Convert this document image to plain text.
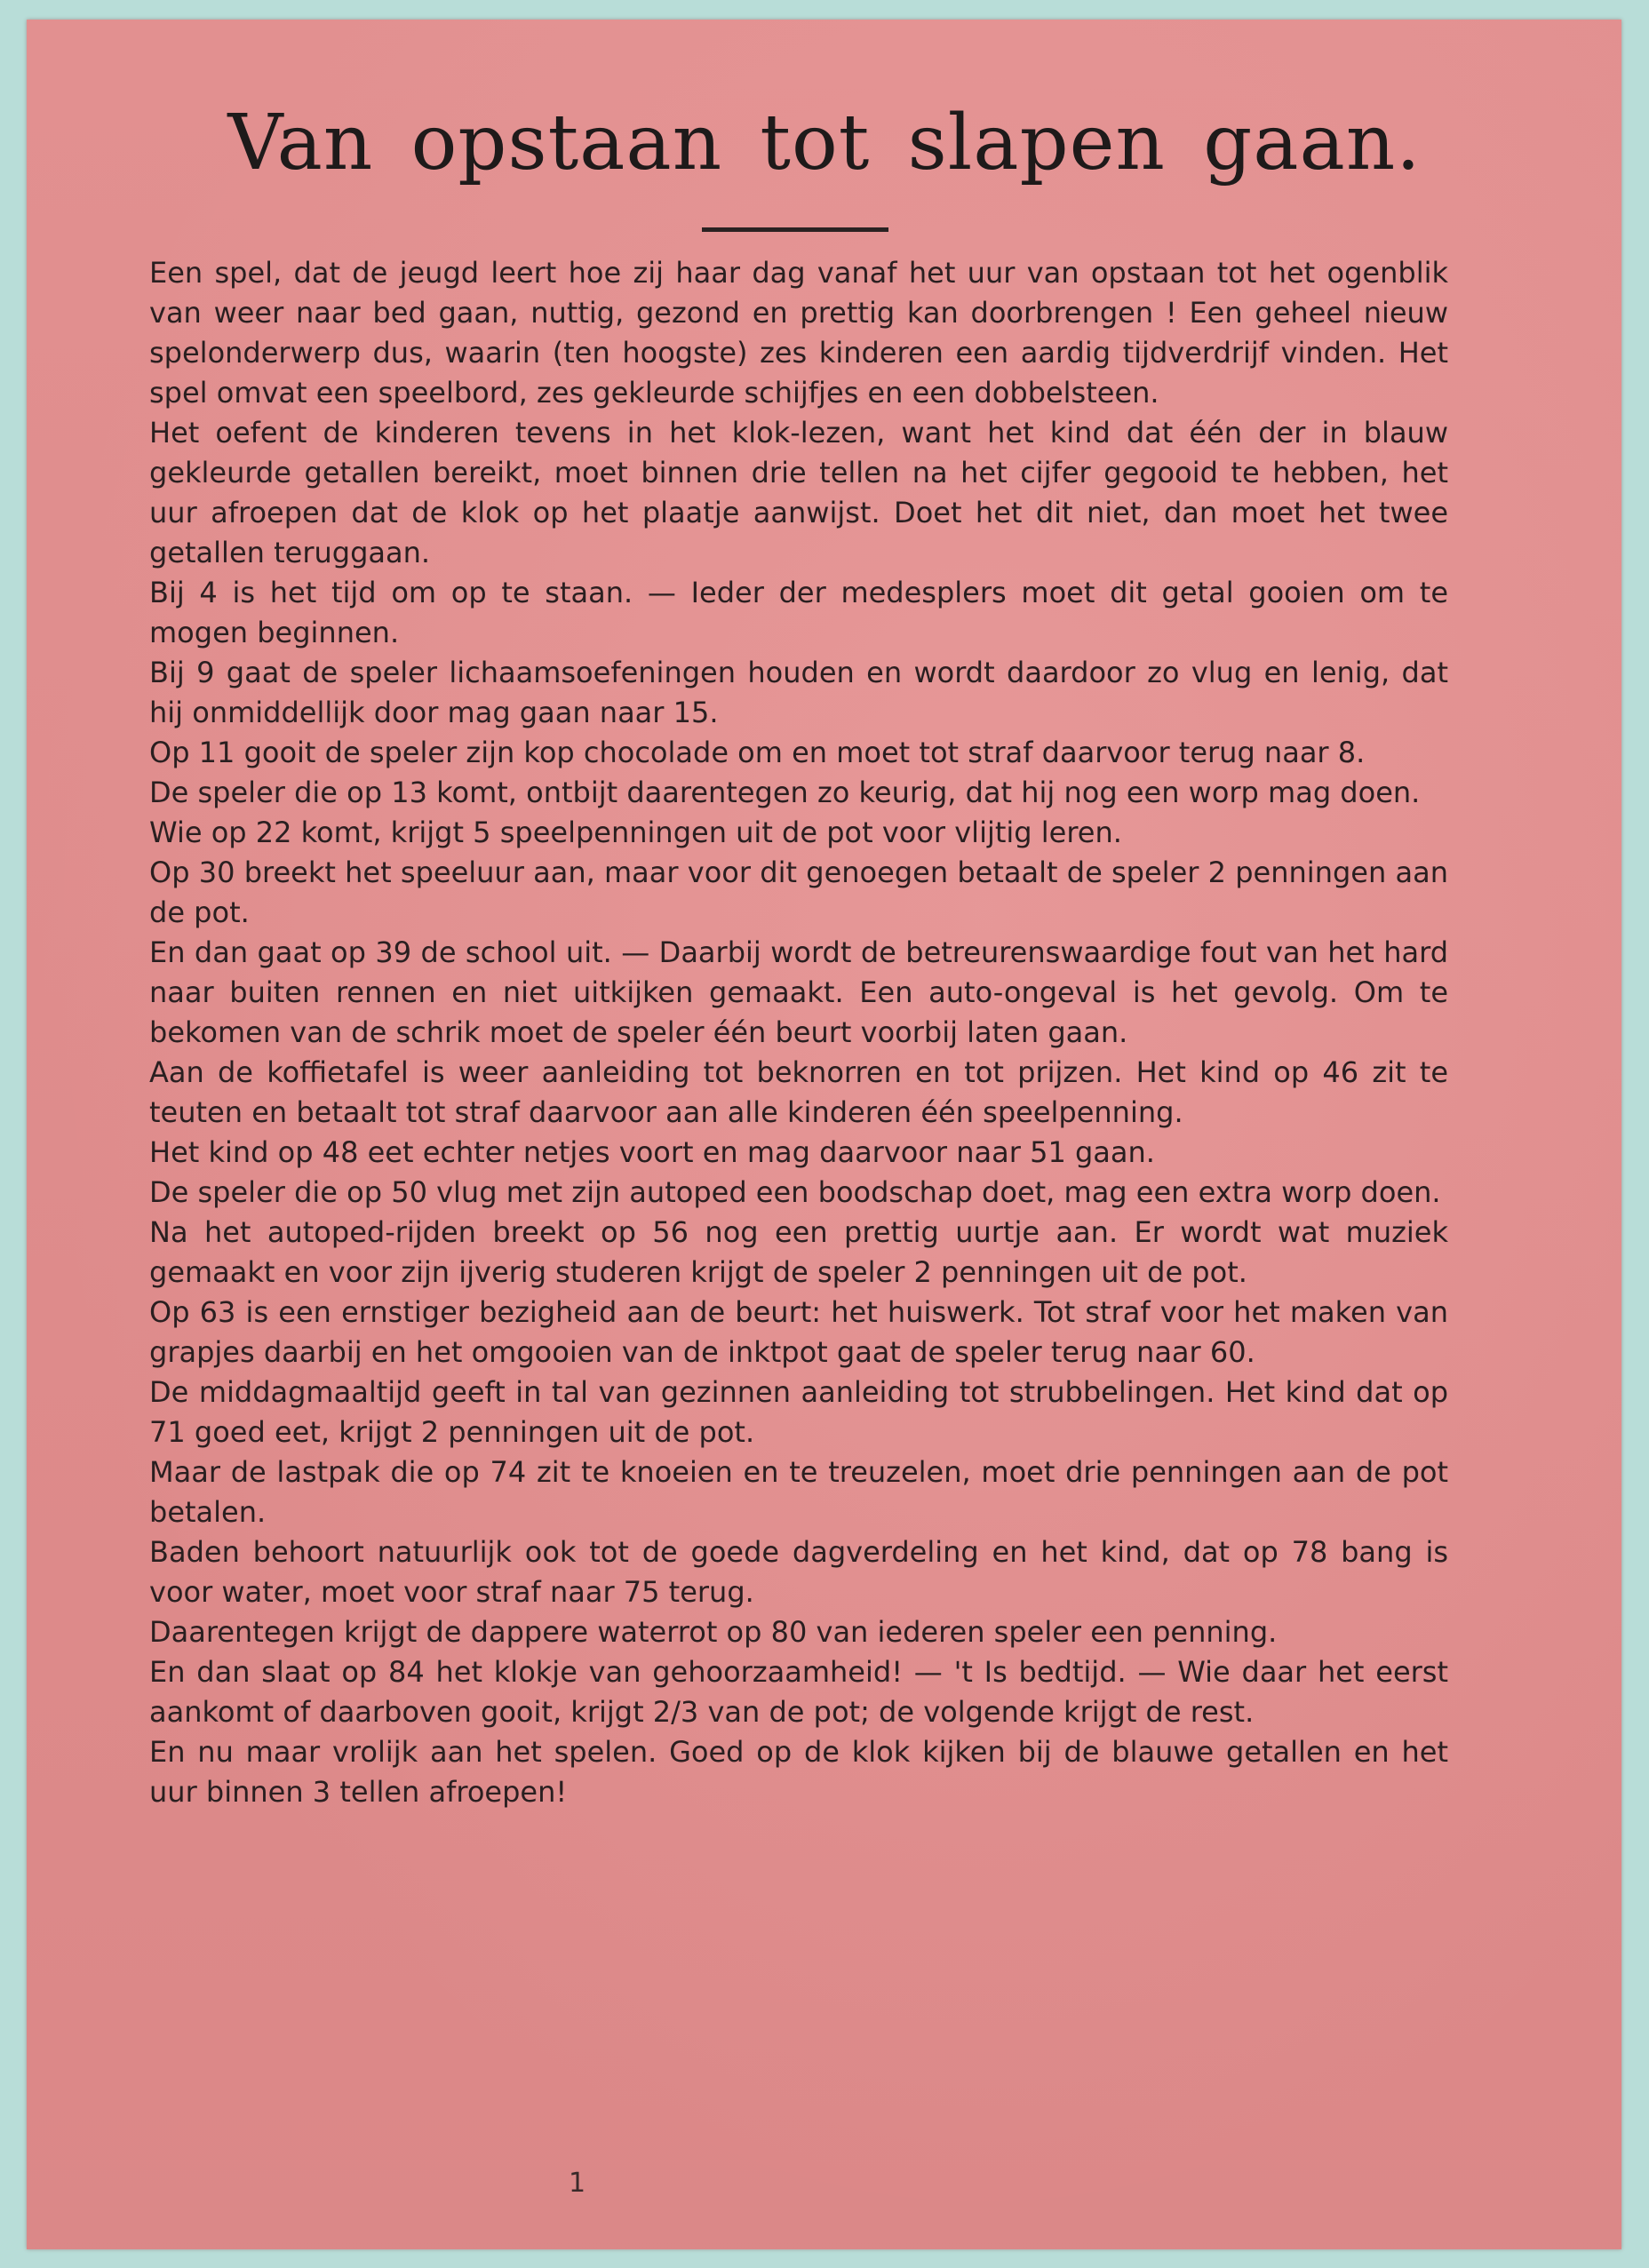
Van opstaan tot slapen gaan.

Een spel, dat de jeugd leert hoe zij haar dag vanaf het uur van opstaan tot het ogenblik van weer naar bed gaan, nuttig, gezond en prettig kan doorbrengen ! Een geheel nieuw spelonderwerp dus, waarin (ten hoogste) zes kinderen een aardig tijdverdrijf vinden. Het spel omvat een speelbord, zes gekleurde schijfjes en een dobbelsteen.

Het oefent de kinderen tevens in het klok-lezen, want het kind dat één der in blauw gekleurde getallen bereikt, moet binnen drie tellen na het cijfer gegooid te hebben, het uur afroepen dat de klok op het plaatje aanwijst. Doet het dit niet, dan moet het twee getallen teruggaan.

Bij 4 is het tijd om op te staan. — Ieder der medesplers moet dit getal gooien om te mogen beginnen.

Bij 9 gaat de speler lichaamsoefeningen houden en wordt daardoor zo vlug en lenig, dat hij onmiddellijk door mag gaan naar 15.

Op 11 gooit de speler zijn kop chocolade om en moet tot straf daarvoor terug naar 8.

De speler die op 13 komt, ontbijt daarentegen zo keurig, dat hij nog een worp mag doen.

Wie op 22 komt, krijgt 5 speelpenningen uit de pot voor vlijtig leren.

Op 30 breekt het speeluur aan, maar voor dit genoegen betaalt de speler 2 penningen aan de pot.

En dan gaat op 39 de school uit. — Daarbij wordt de betreurenswaardige fout van het hard naar buiten rennen en niet uitkijken gemaakt. Een auto-ongeval is het gevolg. Om te bekomen van de schrik moet de speler één beurt voorbij laten gaan.

Aan de koffietafel is weer aanleiding tot beknorren en tot prijzen. Het kind op 46 zit te teuten en betaalt tot straf daarvoor aan alle kinderen één speelpenning.

Het kind op 48 eet echter netjes voort en mag daarvoor naar 51 gaan.

De speler die op 50 vlug met zijn autoped een boodschap doet, mag een extra worp doen.

Na het autoped-rijden breekt op 56 nog een prettig uurtje aan. Er wordt wat muziek gemaakt en voor zijn ijverig studeren krijgt de speler 2 penningen uit de pot.

Op 63 is een ernstiger bezigheid aan de beurt: het huiswerk. Tot straf voor het maken van grapjes daarbij en het omgooien van de inktpot gaat de speler terug naar 60.

De middagmaaltijd geeft in tal van gezinnen aanleiding tot strubbelingen. Het kind dat op 71 goed eet, krijgt 2 penningen uit de pot.

Maar de lastpak die op 74 zit te knoeien en te treuzelen, moet drie penningen aan de pot betalen.

Baden behoort natuurlijk ook tot de goede dagverdeling en het kind, dat op 78 bang is voor water, moet voor straf naar 75 terug.

Daarentegen krijgt de dappere waterrot op 80 van iederen speler een penning.

En dan slaat op 84 het klokje van gehoorzaamheid! — 't Is bedtijd. — Wie daar het eerst aankomt of daarboven gooit, krijgt 2/3 van de pot; de volgende krijgt de rest.

En nu maar vrolijk aan het spelen. Goed op de klok kijken bij de blauwe getallen en het uur binnen 3 tellen afroepen!

1
